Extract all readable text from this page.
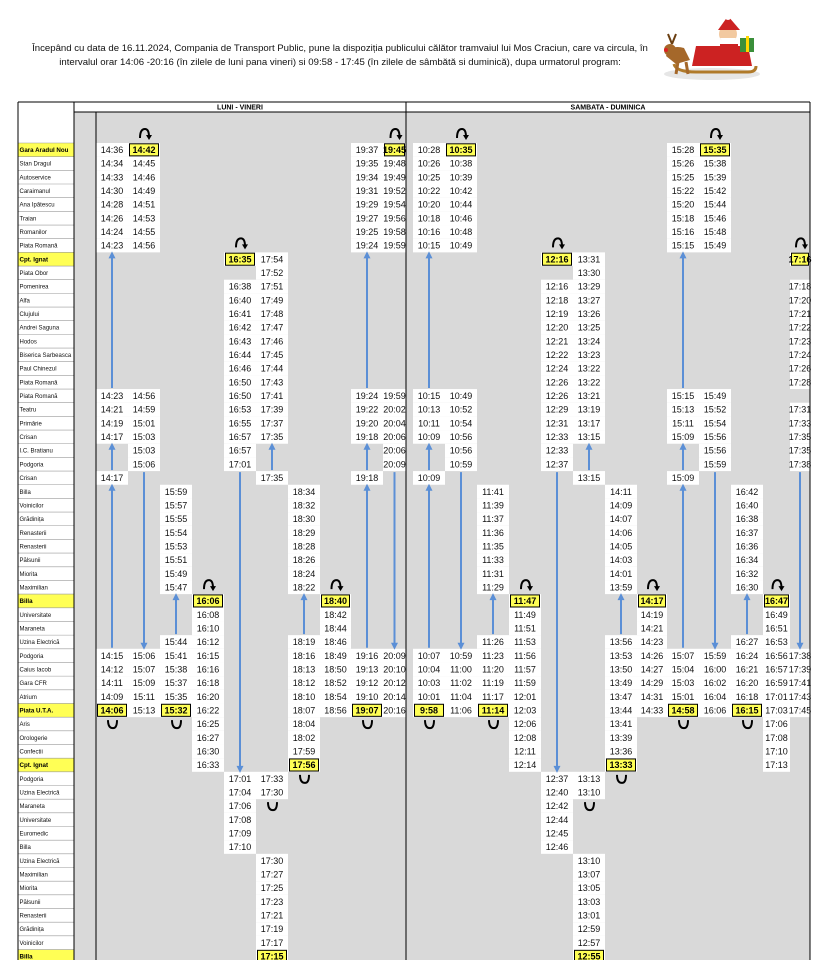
Începând cu data de 16.11.2024, Compania de Transport Public, pune la dispoziția publicului călător tramvaiul lui Mos Craciun, care va circula, în intervalul orar 14:06 -20:16 (în zilele de luni pana vineri) si 09:58 - 17:45 (în zilele de sâmbătă si duminică), dupa urmatorul program:
LUNI - VINERI	SAMBATA - DUMINICA
Gara Aradul Nou
Stan Dragul
Autoservice
Caraimanul
Ana Ipătescu
Traian
Romanilor
Piata Romană
Cpt. Ignat
Piata Obor
Pomenirea
Alfa
Clujului
Andrei Saguna
Hodos
Biserica Sarbeasca
Paul Chinezul
Piata Romană
Piata Romană
Teatru
Primărie
Crisan
I.C. Bratianu
Podgoria
Crisan
Billa
Voinicilor
Grădinița
Renasterii
Renasterii
Pălsunii
Miorita
Maximilian
Billa
Universitate
Maraneta
Uzina Electrică
Podgoria
Caius Iacob
Gara CFR
Atrium
Piata U.T.A.
Aris
Orologerie
Confectii
Cpt. Ignat
Podgoria
Uzina Electrică
Maraneta
Universitate
Euromedic
Billa
Uzina Electrică
Maximilian
Miorita
Pălsunii
Renasterii
Grădinița
Voinicilor
Billa
14:36
14:34
14:33
14:30
14:28
14:26
14:24
14:23
14:23
14:21
14:19
14:17
14:17
14:15
14:12
14:11
14:09
14:06
14:42
14:45
14:46
14:49
14:51
14:53
14:55
14:56
14:56
14:59
15:01
15:03
15:03
15:06
15:06
15:07
15:09
15:11
15:13
15:59
15:57
15:55
15:54
15:53
15:51
15:49
15:47
15:44
15:41
15:38
15:37
15:35
15:32
16:06
16:08
16:10
16:12
16:15
16:16
16:18
16:20
16:22
16:25
16:27
16:30
16:33
16:35
16:38
16:40
16:41
16:42
16:43
16:44
16:46
16:50
16:50
16:53
16:55
16:57
16:57
17:01
17:01
17:04
17:06
17:08
17:09
17:10
17:54
17:52
17:51
17:49
17:48
17:47
17:46
17:45
17:44
17:43
17:41
17:39
17:37
17:35
17:35
17:33
17:30
17:30
17:27
17:25
17:23
17:21
17:19
17:17
17:15
18:34
18:32
18:30
18:29
18:28
18:26
18:24
18:22
18:19
18:16
18:13
18:12
18:10
18:07
18:04
18:02
17:59
17:56
18:40
18:42
18:44
18:46
18:49
18:50
18:52
18:54
18:56
19:37
19:35
19:34
19:31
19:29
19:27
19:25
19:24
19:24
19:22
19:20
19:18
19:18
19:16
19:13
19:12
19:10
19:07
19:45
19:48
19:49
19:52
19:54
19:56
19:58
19:59
19:59
20:02
20:04
20:06
20:06
20:09
20:09
20:10
20:12
20:14
20:16
10:28
10:26
10:25
10:22
10:20
10:18
10:16
10:15
10:15
10:13
10:11
10:09
10:09
10:07
10:04
10:03
10:01
9:58
10:35
10:38
10:39
10:42
10:44
10:46
10:48
10:49
10:49
10:52
10:54
10:56
10:56
10:59
10:59
11:00
11:02
11:04
11:06
11:41
11:39
11:37
11:36
11:35
11:33
11:31
11:29
11:26
11:23
11:20
11:19
11:17
11:14
11:47
11:49
11:51
11:53
11:56
11:57
11:59
12:01
12:03
12:06
12:08
12:11
12:14
12:16
12:16
12:18
12:19
12:20
12:21
12:22
12:24
12:26
12:26
12:29
12:31
12:33
12:33
12:37
12:37
12:40
12:42
12:44
12:45
12:46
13:31
13:30
13:29
13:27
13:26
13:25
13:24
13:23
13:22
13:22
13:21
13:19
13:17
13:15
13:15
13:13
13:10
13:10
13:07
13:05
13:03
13:01
12:59
12:57
12:55
14:11
14:09
14:07
14:06
14:05
14:03
14:01
13:59
13:56
13:53
13:50
13:49
13:47
13:44
13:41
13:39
13:36
13:33
14:17
14:19
14:21
14:23
14:26
14:27
14:29
14:31
14:33
15:28
15:26
15:25
15:22
15:20
15:18
15:16
15:15
15:15
15:13
15:11
15:09
15:09
15:07
15:04
15:03
15:01
14:58
15:35
15:38
15:39
15:42
15:44
15:46
15:48
15:49
15:49
15:52
15:54
15:56
15:56
15:59
15:59
16:00
16:02
16:04
16:06
16:42
16:40
16:38
16:37
16:36
16:34
16:32
16:30
16:27
16:24
16:21
16:20
16:18
16:15
16:47
16:49
16:51
16:53
16:56
16:57
16:59
17:01
17:03
17:06
17:08
17:10
17:13
17:16
17:18
17:20
17:21
17:22
17:23
17:24
17:26
17:28
17:31
17:33
17:35
17:35
17:38
17:38
17:39
17:41
17:43
17:45
